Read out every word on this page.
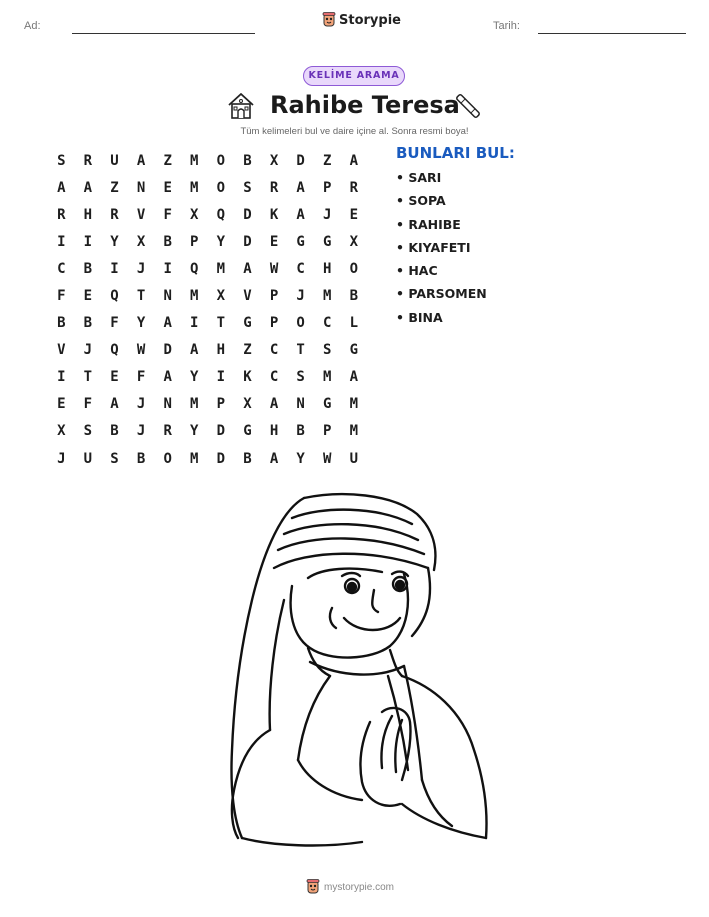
Ad:	Storypie	Tarih:
KELİME ARAMA
Rahibe Teresa
Tüm kelimeleri bul ve daire içine al. Sonra resmi boya!
S	R	U	A	Z	M	O	B	X	D	Z	A
A	A	Z	N	E	M	O	S	R	A	P	R
R	H	R	V	F	X	Q	D	K	A	J	E
I	I	Y	X	B	P	Y	D	E	G	G	X
C	B	I	J	I	Q	M	A	W	C	H	O
F	E	Q	T	N	M	X	V	P	J	M	B
B	B	F	Y	A	I	T	G	P	O	C	L
V	J	Q	W	D	A	H	Z	C	T	S	G
I	T	E	F	A	Y	I	K	C	S	M	A
E	F	A	J	N	M	P	X	A	N	G	M
X	S	B	J	R	Y	D	G	H	B	P	M
J	U	S	B	O	M	D	B	A	Y	W	U
BUNLARI BUL:
• SARI
• SOPA
• RAHIBE
• KIYAFETI
• HAC
• PARSOMEN
• BINA
mystorypie.com
